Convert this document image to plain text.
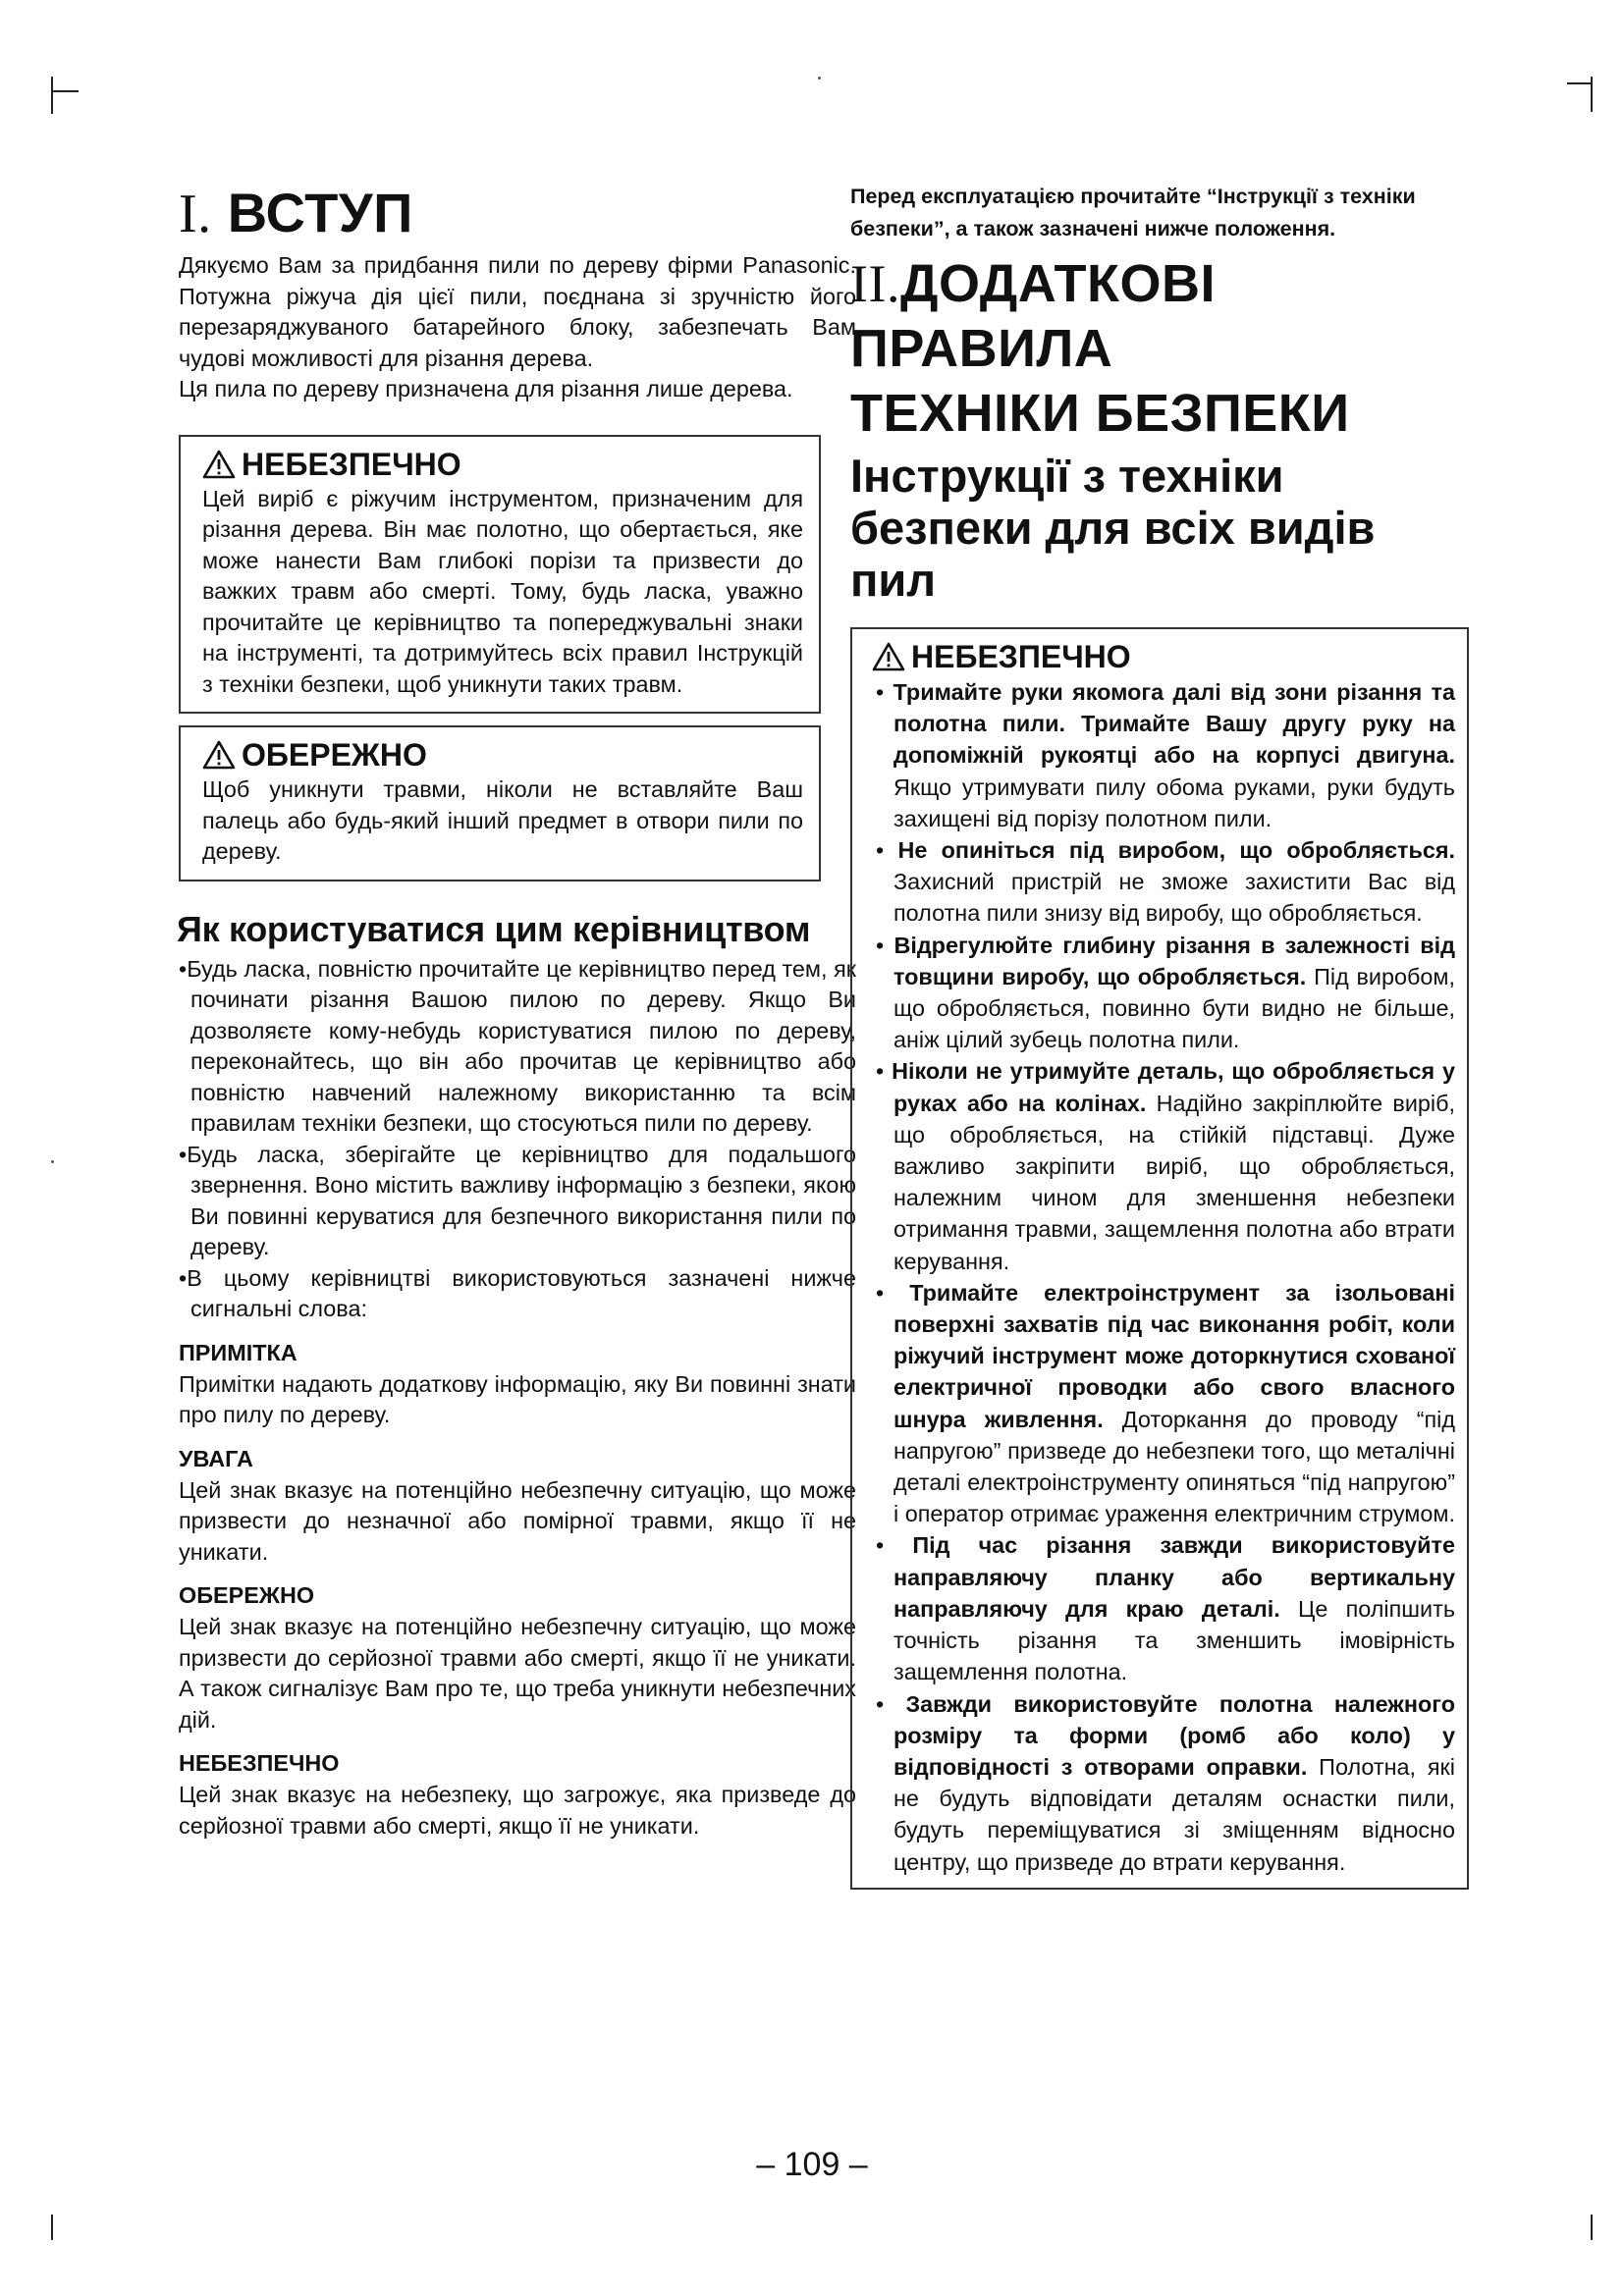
I. ВСТУП

Дякуємо Вам за придбання пили по дереву фірми Panasonic. Потужна ріжуча дія цієї пили, поєднана зі зручністю його перезаряджуваного батарейного блоку, забезпечать Вам чудові можливості для різання дерева.

Ця пила по дереву призначена для різання лише дерева.

НЕБЕЗПЕЧНО

Цей виріб є ріжучим інструментом, призначеним для різання дерева. Він має полотно, що обертається, яке може нанести Вам глибокі порізи та призвести до важких травм або смерті. Тому, будь ласка, уважно прочитайте це керівництво та попереджувальні знаки на інструменті, та дотримуйтесь всіх правил Інструкцій з техніки безпеки, щоб уникнути таких травм.

ОБЕРЕЖНО

Щоб уникнути травми, ніколи не вставляйте Ваш палець або будь-який інший предмет в отвори пили по дереву.

Як користуватися цим керівництвом
•Будь ласка, повністю прочитайте це керівництво перед тем, як починати різання Вашою пилою по дереву. Якщо Ви дозволяєте кому-небудь користуватися пилою по дереву, переконайтесь, що він або прочитав це керівництво або повністю навчений належному використанню та всім правилам техніки безпеки, що стосуються пили по дереву.
•Будь ласка, зберігайте це керівництво для подальшого звернення. Воно містить важливу інформацію з безпеки, якою Ви повинні керуватися для безпечного використання пили по дереву.
•В цьому керівництві використовуються зазначені нижче сигнальні слова:
ПРИМІТКА

Примітки надають додаткову інформацію, яку Ви повинні знати про пилу по дереву.

УВАГА

Цей знак вказує на потенційно небезпечну ситуацію, що може призвести до незначної або помірної травми, якщо її не уникати.

ОБЕРЕЖНО

Цей знак вказує на потенційно небезпечну ситуацію, що може призвести до серйозної травми або смерті, якщо її не уникати. А також сигналізує Вам про те, що треба уникнути небезпечних дій.

НЕБЕЗПЕЧНО

Цей знак вказує на небезпеку, що загрожує, яка призведе до серйозної травми або смерті, якщо її не уникати.

Перед експлуатацією прочитайте “Інструкції з техніки безпеки”, а також зазначені нижче положення.

II.ДОДАТКОВІ ПРАВИЛА
ТЕХНІКИ БЕЗПЕКИ
Інструкції з техніки безпеки для всіх видів пил
НЕБЕЗПЕЧНО
• Тримайте руки якомога далі від зони різання та полотна пили. Тримайте Вашу другу руку на допоміжній рукоятці або на корпусі двигуна. Якщо утримувати пилу обома руками, руки будуть захищені від порізу полотном пили.
• Не опиніться під виробом, що обробляється. Захисний пристрій не зможе захистити Вас від полотна пили знизу від виробу, що обробляється.
• Відрегулюйте глибину різання в залежності від товщини виробу, що обробляється. Під виробом, що обробляється, повинно бути видно не більше, аніж цілий зубець полотна пили.
• Ніколи не утримуйте деталь, що обробляється у руках або на колінах. Надійно закріплюйте виріб, що обробляється, на стійкій підставці. Дуже важливо закріпити виріб, що обробляється, належним чином для зменшення небезпеки отримання травми, защемлення полотна або втрати керування.
• Тримайте електроінструмент за ізольовані поверхні захватів під час виконання робіт, коли ріжучий інструмент може доторкнутися схованої електричної проводки або свого власного шнура живлення. Доторкання до проводу “під напругою” призведе до небезпеки того, що металічні деталі електроінструменту опиняться “під напругою” і оператор отримає ураження електричним струмом.
• Під час різання завжди використовуйте направляючу планку або вертикальну направляючу для краю деталі. Це поліпшить точність різання та зменшить імовірність защемлення полотна.
• Завжди використовуйте полотна належного розміру та форми (ромб або коло) у відповідності з отворами оправки. Полотна, які не будуть відповідати деталям оснастки пили, будуть переміщуватися зі зміщенням відносно центру, що призведе до втрати керування.
– 109 –
